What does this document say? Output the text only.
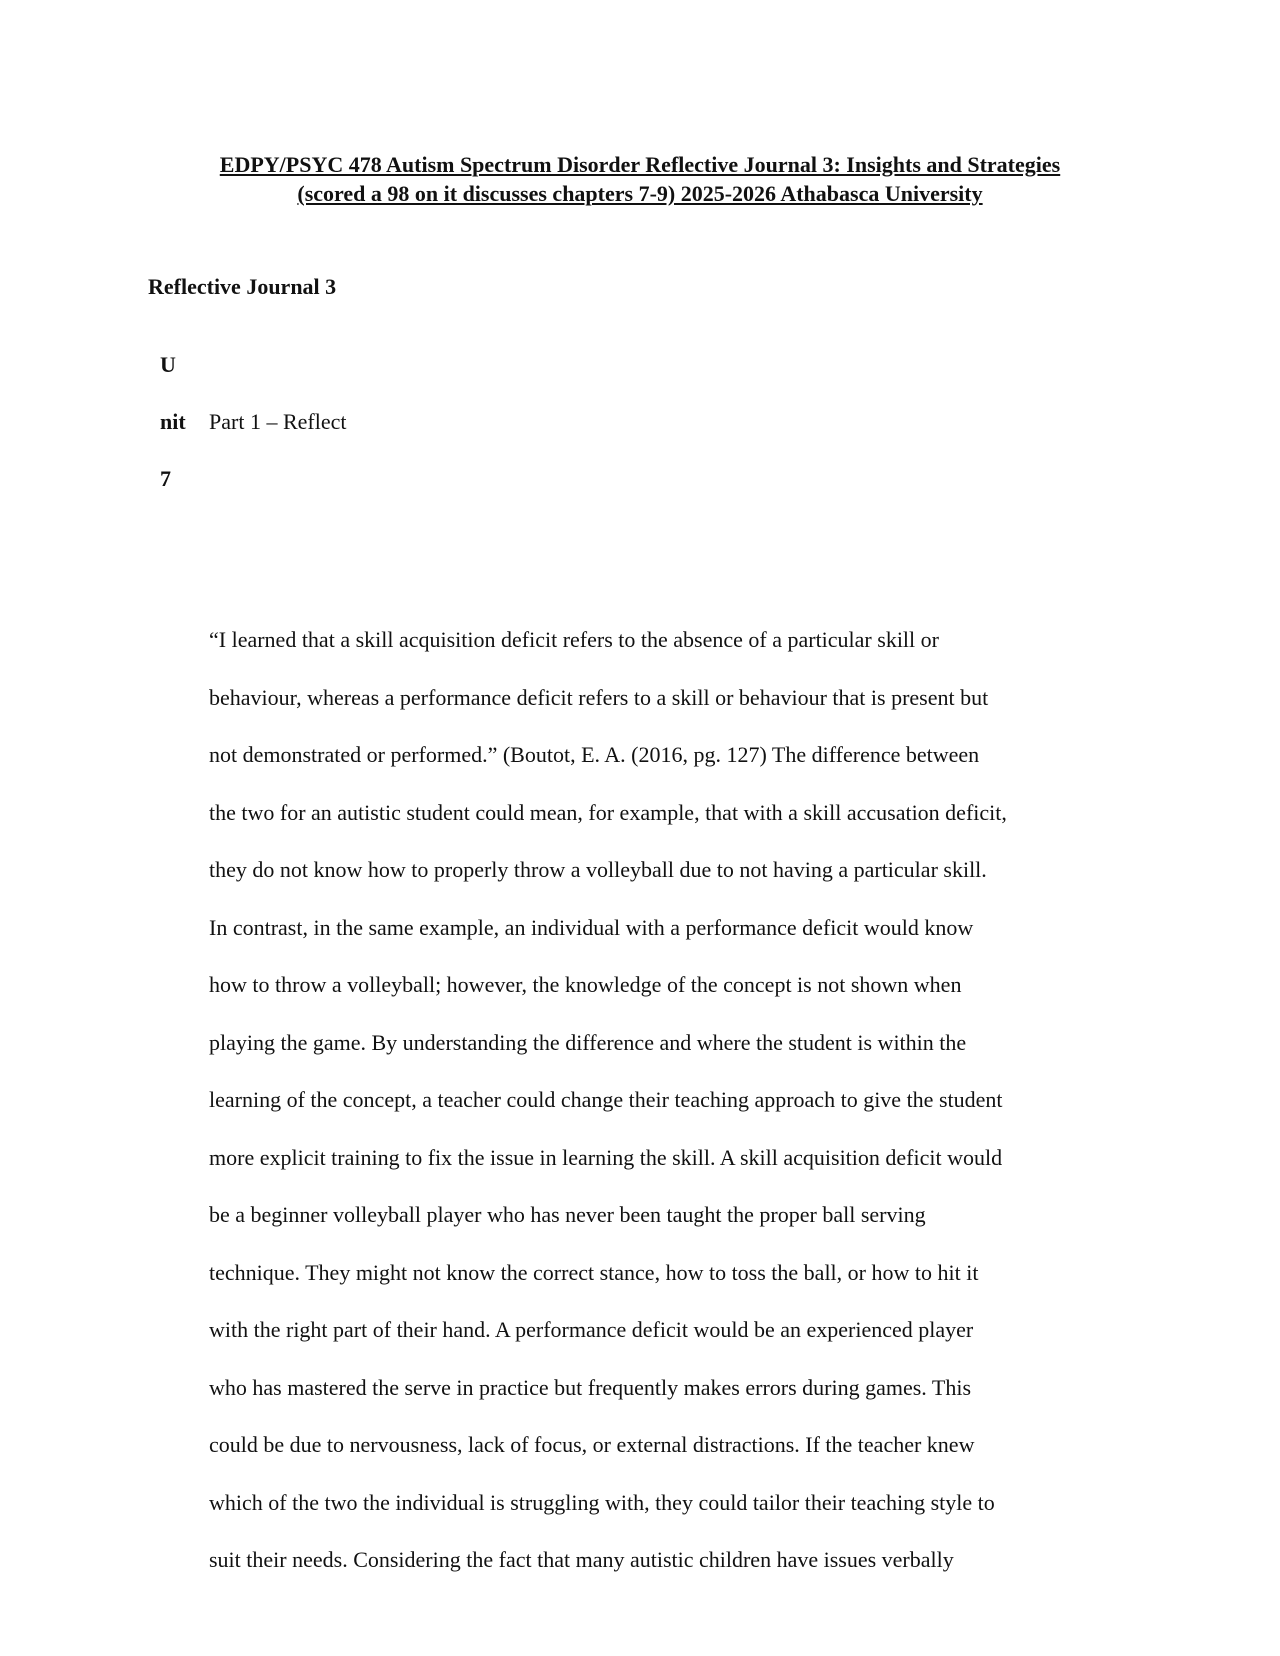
EDPY/PSYC 478 Autism Spectrum Disorder Reflective Journal 3: Insights and Strategies
(scored a 98 on it discusses chapters 7-9) 2025-2026 Athabasca University
Reflective Journal 3
U
nit
7
Part 1 – Reflect
“I learned that a skill acquisition deficit refers to the absence of a particular skill or
behaviour, whereas a performance deficit refers to a skill or behaviour that is present but
not demonstrated or performed.” (Boutot, E. A. (2016, pg. 127) The difference between
the two for an autistic student could mean, for example, that with a skill accusation deficit,
they do not know how to properly throw a volleyball due to not having a particular skill.
In contrast, in the same example, an individual with a performance deficit would know
how to throw a volleyball; however, the knowledge of the concept is not shown when
playing the game. By understanding the difference and where the student is within the
learning of the concept, a teacher could change their teaching approach to give the student
more explicit training to fix the issue in learning the skill. A skill acquisition deficit would
be a beginner volleyball player who has never been taught the proper ball serving
technique. They might not know the correct stance, how to toss the ball, or how to hit it
with the right part of their hand. A performance deficit would be an experienced player
who has mastered the serve in practice but frequently makes errors during games. This
could be due to nervousness, lack of focus, or external distractions. If the teacher knew
which of the two the individual is struggling with, they could tailor their teaching style to
suit their needs. Considering the fact that many autistic children have issues verbally
